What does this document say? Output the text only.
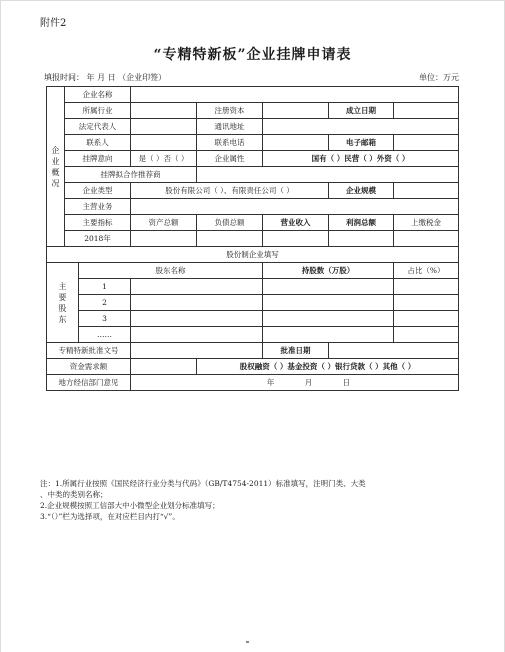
附件2
“专精特新板”企业挂牌申请表
填报时间： 年 月 日 （企业印签）	单位：万元
企
业
概
况	企业名称						
	所属行业			注册资本		成立日期	
	法定代表人			通讯地址			
	联系人			联系电话		电子邮箱	
	挂牌意向		是（ ）否（ ）	企业属性	国有（ ）民营（ ）外资（ ）		
	挂牌拟合作推荐商						
	企业类型		股份有限公司（ ）、有限责任公司（ ）			企业规模	
	主营业务						
	主要指标		资产总额	负债总额	营业收入	利润总额	上缴税金
	2018年						
股份制企业填写							

主
要
股
东		股东名称			持股数（万股）		占比（%）
		1					
		2					
		3					
		……					
专精特新批准文号					批准日期		
资金需求额				股权融资（ ）基金投资（ ）银行贷款（ ）其他（ ）			
地方经信部门意见			年 月 日				
注：1.所属行业按照《国民经济行业分类与代码》（GB/T4754-2011）标准填写，注明门类、大类
、中类的类别名称；
2.企业规模按照工信部大中小微型企业划分标准填写；
3.“（）”栏为选择项，在对应栏目内打“√”。
